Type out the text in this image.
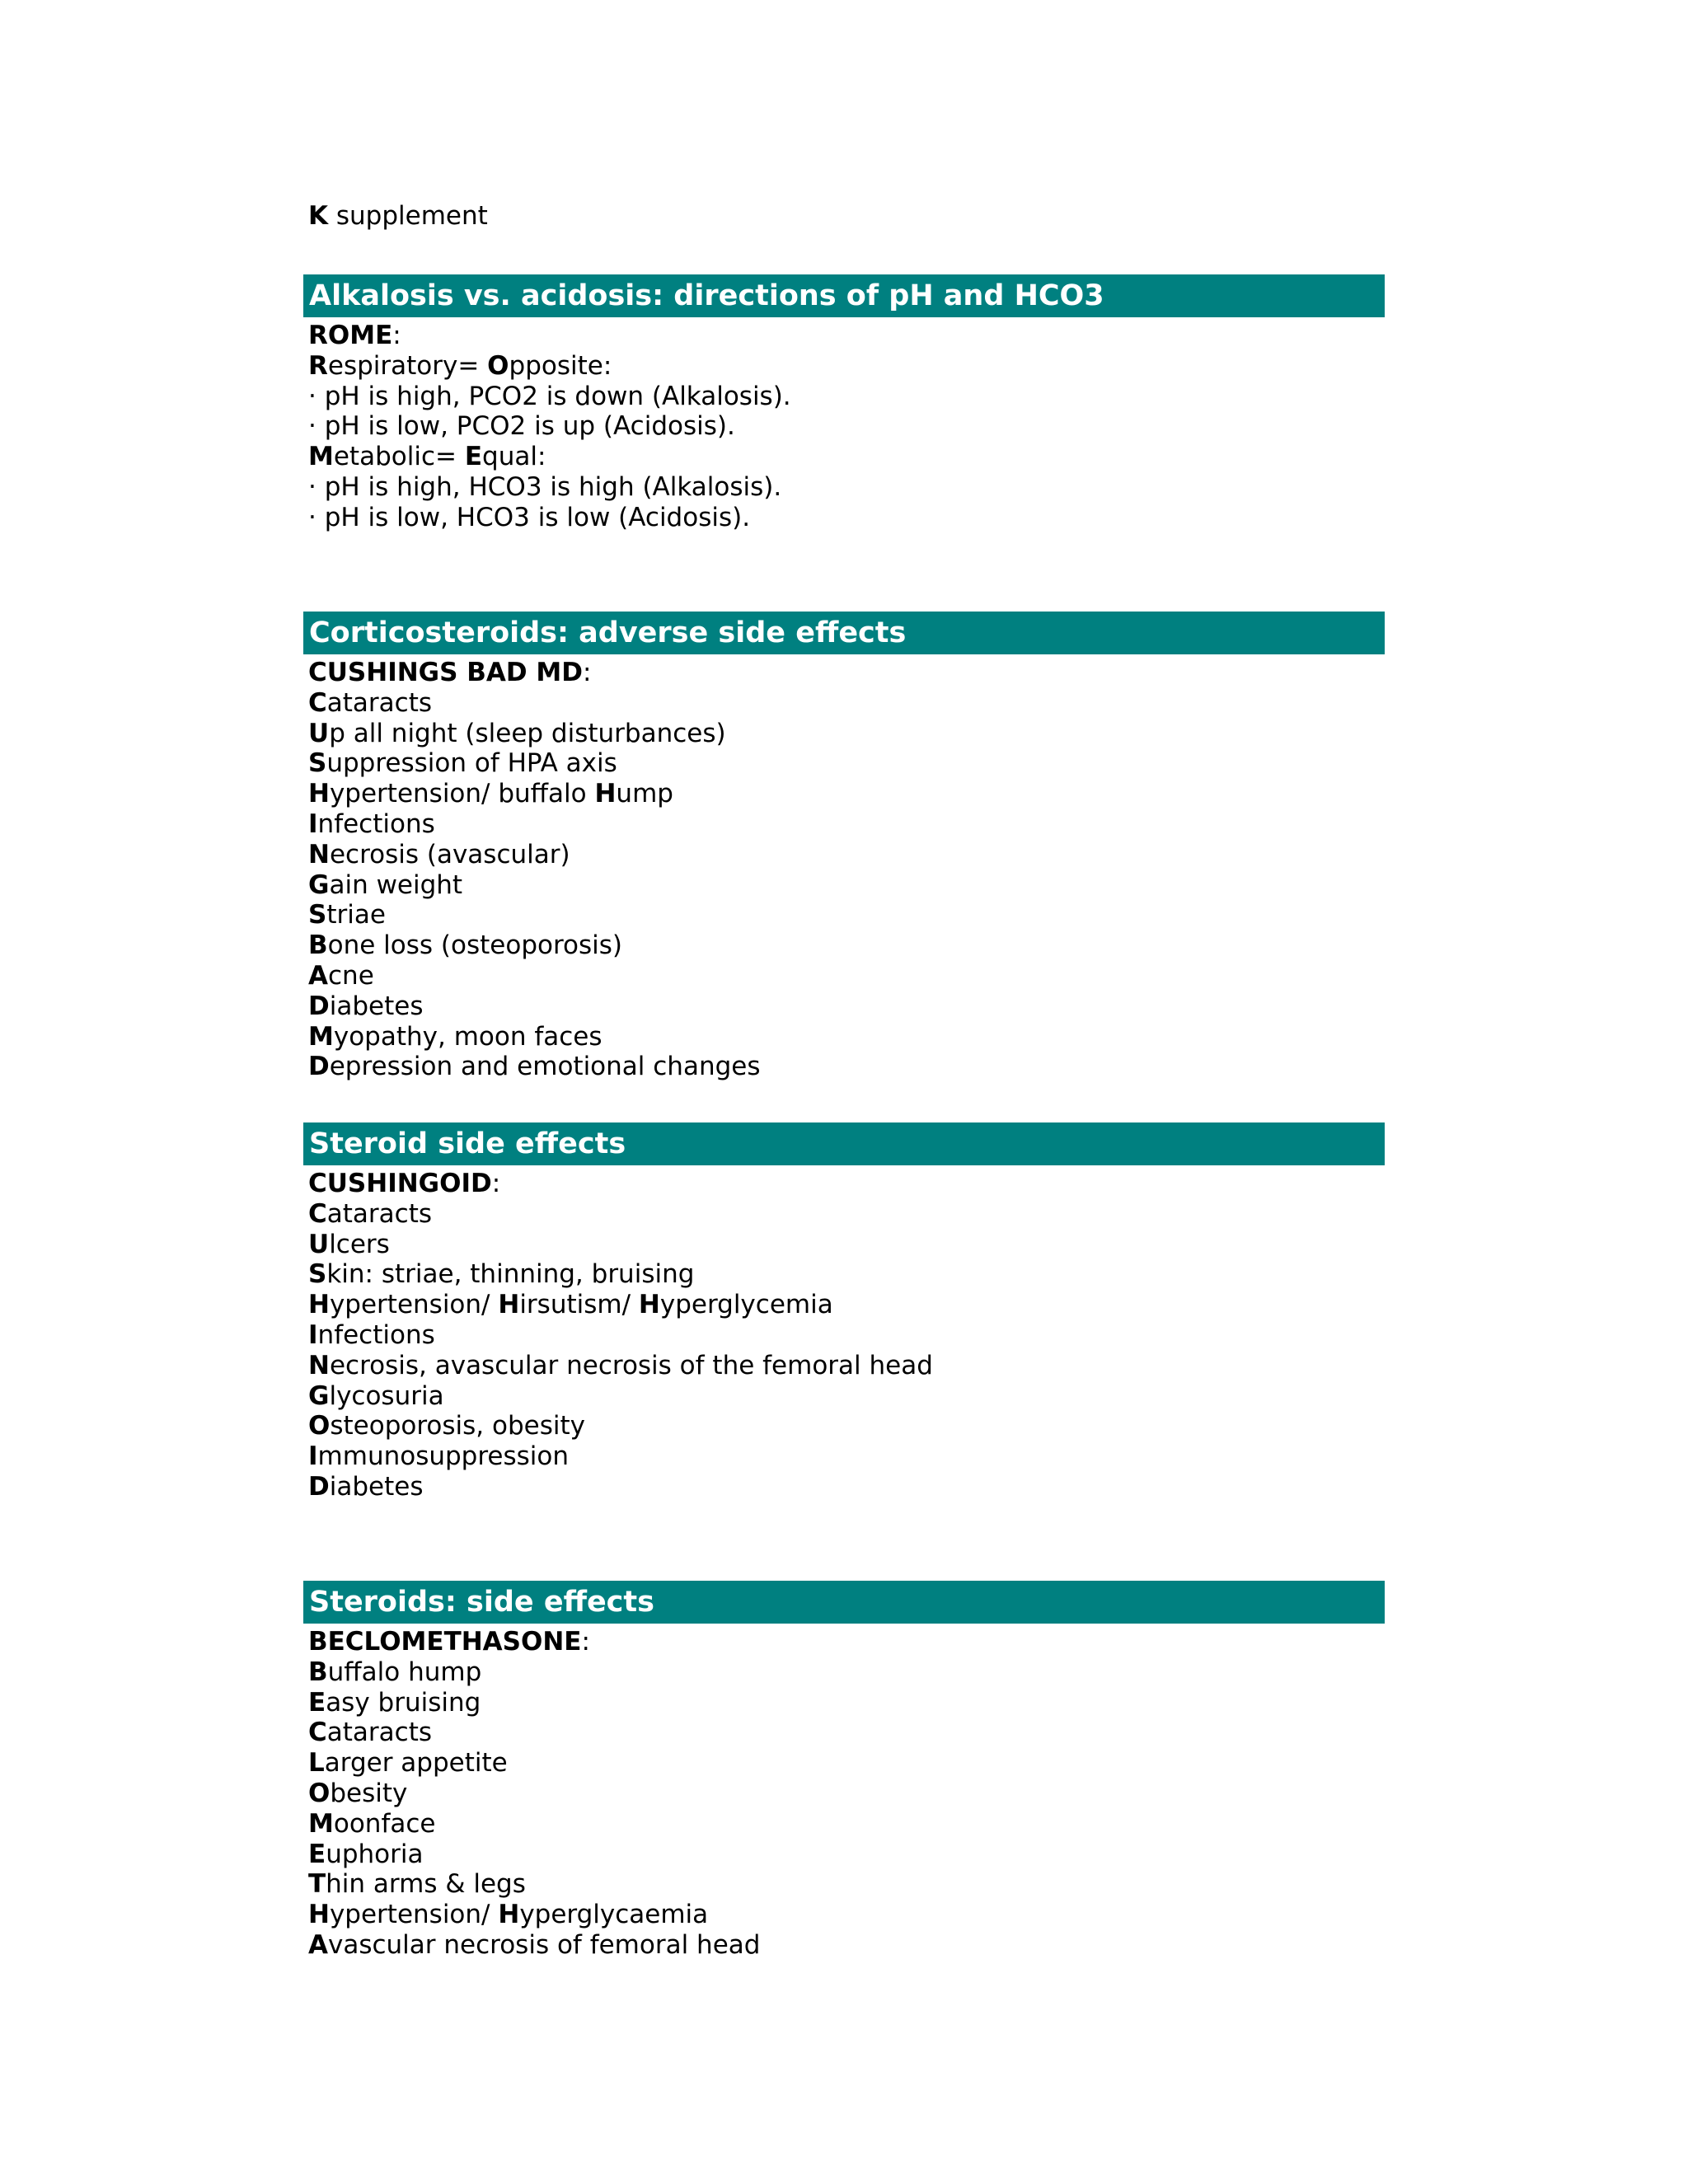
K supplement
Alkalosis vs. acidosis: directions of pH and HCO3
ROME:
Respiratory= Opposite:
· pH is high, PCO2 is down (Alkalosis).
· pH is low, PCO2 is up (Acidosis).
Metabolic= Equal:
· pH is high, HCO3 is high (Alkalosis).
· pH is low, HCO3 is low (Acidosis).
Corticosteroids: adverse side effects
CUSHINGS BAD MD:
Cataracts
Up all night (sleep disturbances)
Suppression of HPA axis
Hypertension/ buffalo Hump
Infections
Necrosis (avascular)
Gain weight
Striae
Bone loss (osteoporosis)
Acne
Diabetes
Myopathy, moon faces
Depression and emotional changes
Steroid side effects
CUSHINGOID:
Cataracts
Ulcers
Skin: striae, thinning, bruising
Hypertension/ Hirsutism/ Hyperglycemia
Infections
Necrosis, avascular necrosis of the femoral head
Glycosuria
Osteoporosis, obesity
Immunosuppression
Diabetes
Steroids: side effects
BECLOMETHASONE:
Buffalo hump
Easy bruising
Cataracts
Larger appetite
Obesity
Moonface
Euphoria
Thin arms & legs
Hypertension/ Hyperglycaemia
Avascular necrosis of femoral head
